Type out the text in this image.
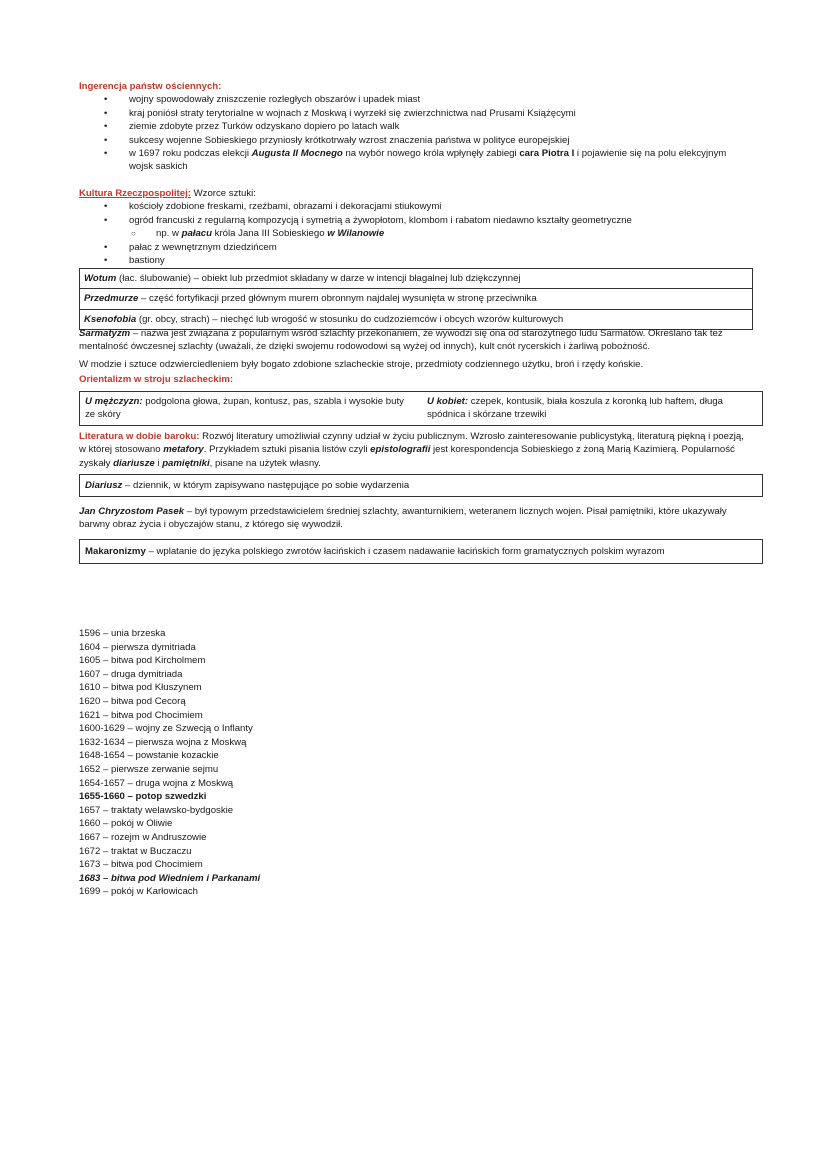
Ingerencja państw ościennych:
• wojny spowodowały zniszczenie rozległych obszarów i upadek miast
• kraj poniósł straty terytorialne w wojnach z Moskwą i wyrzekł się zwierzchnictwa nad Prusami Książęcymi
• ziemie zdobyte przez Turków odzyskano dopiero po latach walk
• sukcesy wojenne Sobieskiego przyniosły krótkotrwały wzrost znaczenia państwa w polityce europejskiej
• w 1697 roku podczas elekcji Augusta II Mocnego na wybór nowego króla wpłynęły zabiegi cara Piotra I i pojawienie się na polu elekcyjnym wojsk saskich
Kultura Rzeczpospolitej: Wzorce sztuki:
• kościoły zdobione freskami, rzeźbami, obrazami i dekoracjami stiukowymi
• ogród francuski z regularną kompozycją i symetrią a żywopłotom, klombom i rabatom niedawno kształty geometryczne
○ np. w pałacu króla Jana III Sobieskiego w Wilanowie
• pałac z wewnętrznym dziedzińcem
• bastiony
Wotum (łac. ślubowanie) – obiekt lub przedmiot składany w darze w intencji błagalnej lub dziękczynnej
Przedmurze – część fortyfikacji przed głównym murem obronnym najdalej wysunięta w stronę przeciwnika
Ksenofobia (gr. obcy, strach) – niechęć lub wrogość w stosunku do cudzoziemców i obcych wzorów kulturowych

Sarmatyzm – nazwa jest związana z popularnym wśród szlachty przekonaniem, że wywodzi się ona od starożytnego ludu Sarmatów. Określano tak też mentalność ówczesnej szlachty (uważali, że dzięki swojemu rodowodowi są wyżej od innych), kult cnót rycerskich i żarliwą pobożność.

W modzie i sztuce odzwierciedleniem były bogato zdobione szlacheckie stroje, przedmioty codziennego użytku, broń i rzędy końskie.

Orientalizm w stroju szlacheckim:
U mężczyzn: podgolona głowa, żupan, kontusz, pas, szabla i wysokie buty ze skóry
U kobiet: czepek, kontusik, biała koszula z koronką lub haftem, długa spódnica i skórzane trzewiki

Literatura w dobie baroku: Rozwój literatury umożliwiał czynny udział w życiu publicznym. Wzrosło zainteresowanie publicystyką, literaturą piękną i poezją, w której stosowano metafory. Przykładem sztuki pisania listów czyli epistolografii jest korespondencja Sobieskiego z żoną Marią Kazimierą. Popularność zyskały diariusze i pamiętniki, pisane na użytek własny.

Diariusz – dziennik, w którym zapisywano następujące po sobie wydarzenia

Jan Chryzostom Pasek – był typowym przedstawicielem średniej szlachty, awanturnikiem, weteranem licznych wojen. Pisał pamiętniki, które ukazywały barwny obraz życia i obyczajów stanu, z którego się wywodził.

Makaronizmy – wplatanie do języka polskiego zwrotów łacińskich i czasem nadawanie łacińskich form gramatycznych polskim wyrazom
1596 – unia brzeska
1604 – pierwsza dymitriada
1605 – bitwa pod Kircholmem
1607 – druga dymitriada
1610 – bitwa pod Kłuszynem
1620 – bitwa pod Cecorą
1621 – bitwa pod Chocimiem
1600-1629 – wojny ze Szwecją o Inflanty
1632-1634 – pierwsza wojna z Moskwą
1648-1654 – powstanie kozackie
1652 – pierwsze zerwanie sejmu
1654-1657 – druga wojna z Moskwą
1655-1660 – potop szwedzki
1657 – traktaty welawsko-bydgoskie
1660 – pokój w Oliwie
1667 – rozejm w Andruszowie
1672 – traktat w Buczaczu
1673 – bitwa pod Chocimiem
1683 – bitwa pod Wiedniem i Parkanami
1699 – pokój w Karłowicach
